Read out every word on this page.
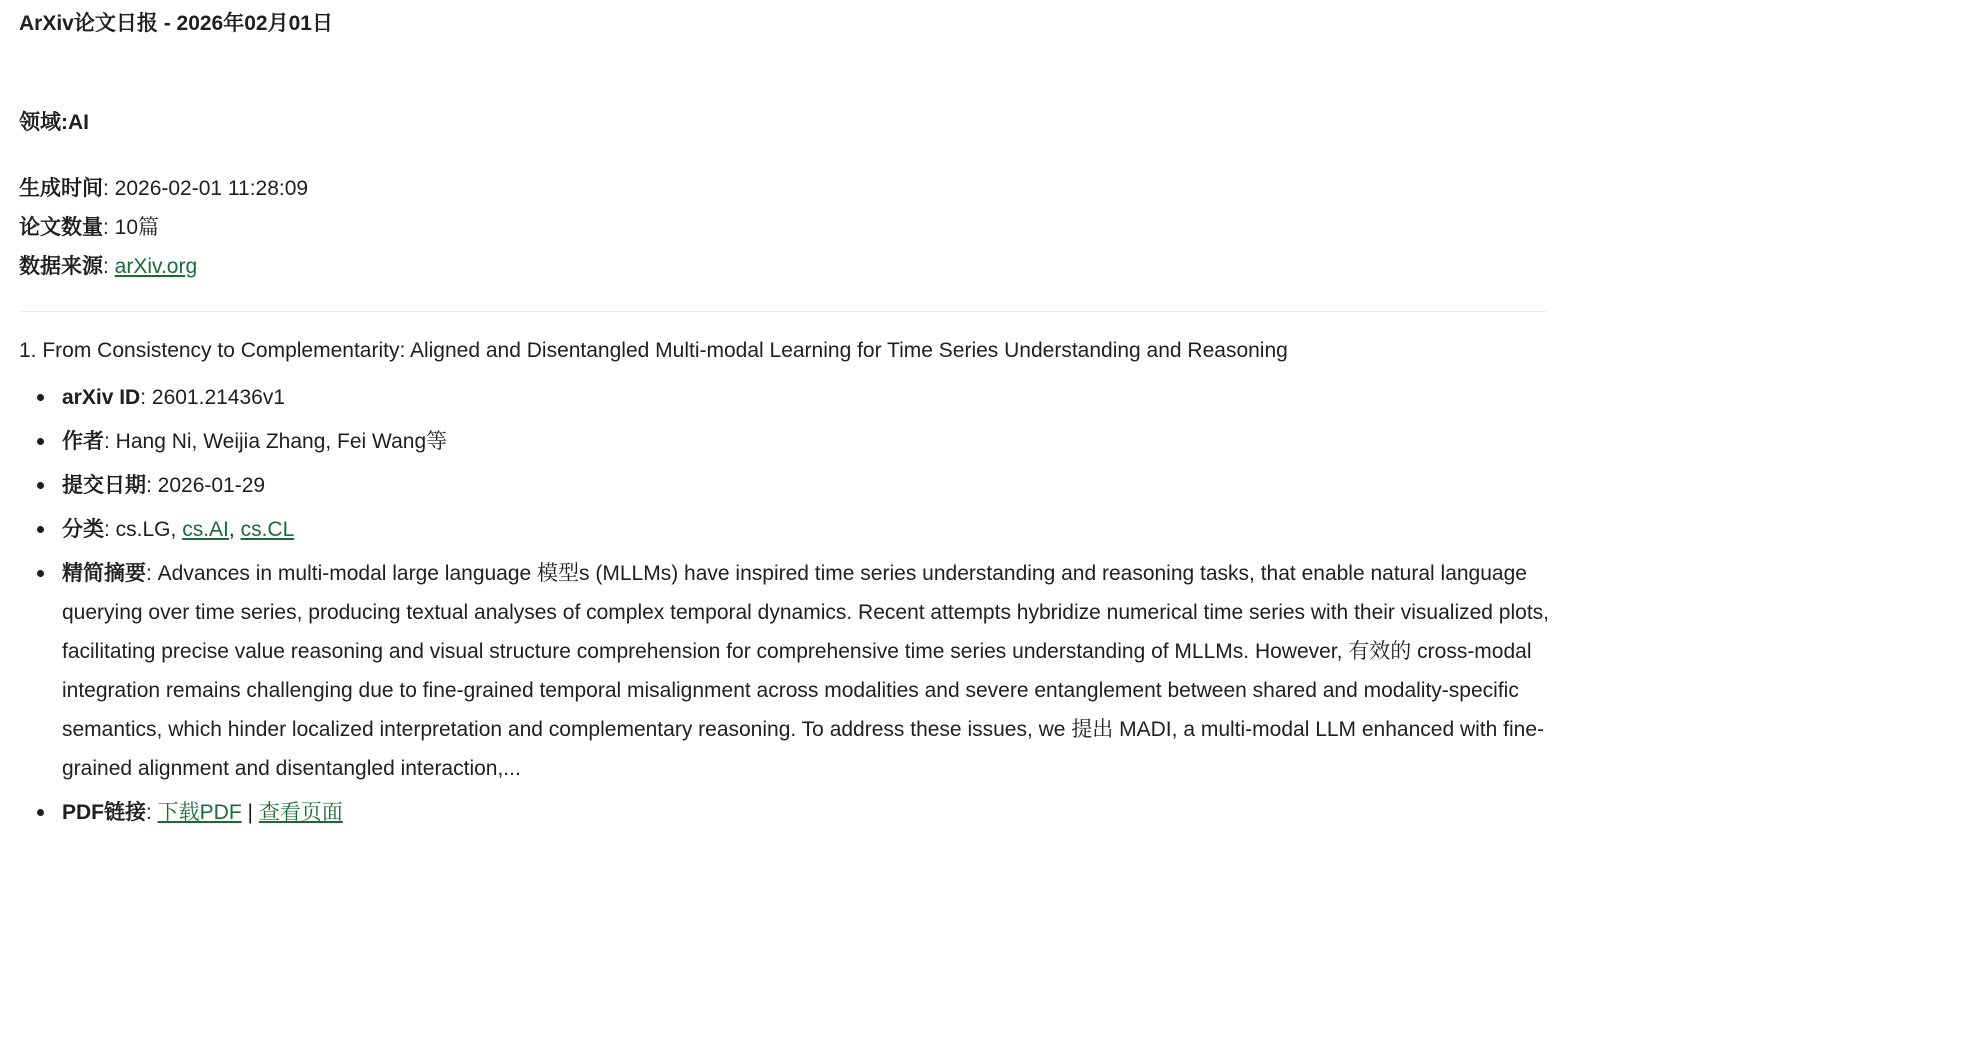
ArXiv论文日报 - 2026年02月01日

领域:AI

生成时间: 2026-02-01 11:28:09
论文数量: 10篇
数据来源: arXiv.org
1. From Consistency to Complementarity: Aligned and Disentangled Multi-modal Learning for Time Series Understanding and Reasoning
arXiv ID: 2601.21436v1
作者: Hang Ni, Weijia Zhang, Fei Wang等
提交日期: 2026-01-29
分类: cs.LG, cs.AI, cs.CL
精简摘要: Advances in multi-modal large language 模型s (MLLMs) have inspired time series understanding and reasoning tasks, that enable natural language querying over time series, producing textual analyses of complex temporal dynamics. Recent attempts hybridize numerical time series with their visualized plots, facilitating precise value reasoning and visual structure comprehension for comprehensive time series understanding of MLLMs. However, 有效的 cross-modal integration remains challenging due to fine-grained temporal misalignment across modalities and severe entanglement between shared and modality-specific semantics, which hinder localized interpretation and complementary reasoning. To address these issues, we 提出 MADI, a multi-modal LLM enhanced with fine-grained alignment and disentangled interaction,...
PDF链接: 下载PDF | 查看页面
